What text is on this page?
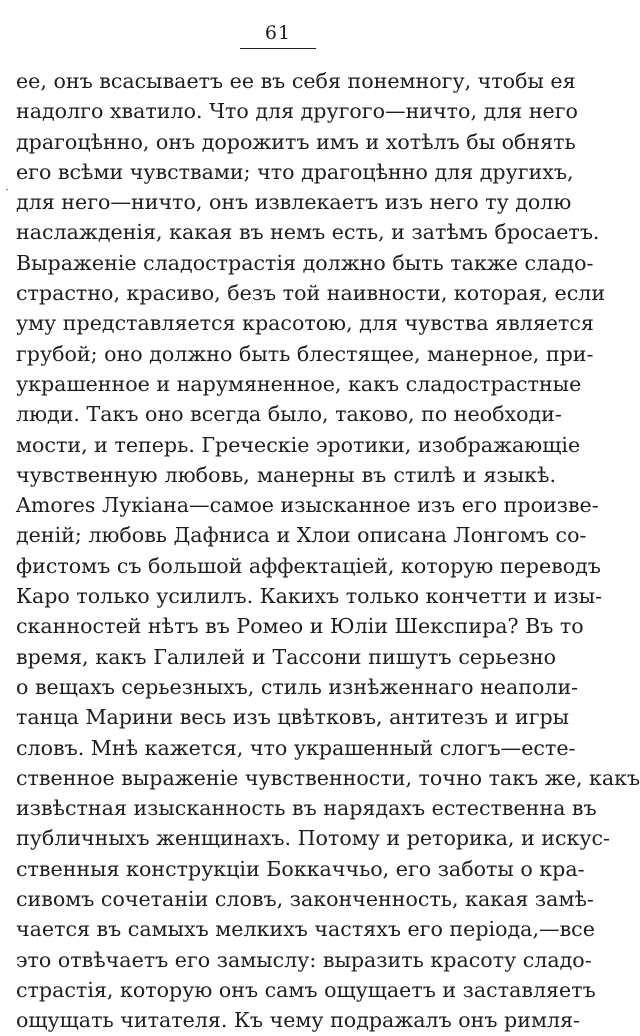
61
·
ее, онъ всасываетъ ее въ себя понемногу, чтобы ея
надолго хватило. Что для другого—ничто, для него
драгоцѣнно, онъ дорожитъ имъ и хотѣлъ бы обнять
его всѣми чувствами; что драгоцѣнно для другихъ,
для него—ничто, онъ извлекаетъ изъ него ту долю
наслажденія, какая въ немъ есть, и затѣмъ бросаетъ.
Выраженіе сладострастія должно быть также сладо-
страстно, красиво, безъ той наивности, которая, если
уму представляется красотою, для чувства является
грубой; оно должно быть блестящее, манерное, при-
украшенное и нарумяненное, какъ сладострастные
люди. Такъ оно всегда было, таково, по необходи-
мости, и теперь. Греческіе эротики, изображающіе
чувственную любовь, манерны въ стилѣ и языкѣ.
Amores Лукіана—самое изысканное изъ его произве-
деній; любовь Дафниса и Хлои описана Лонгомъ со-
фистомъ съ большой аффектаціей, которую переводъ
Каро только усилилъ. Какихъ только кончетти и изы-
сканностей нѣтъ въ Ромео и Юліи Шекспира? Въ то
время, какъ Галилей и Тассони пишутъ серьезно
о вещахъ серьезныхъ, стиль изнѣженнаго неаполи-
танца Марини весь изъ цвѣтковъ, антитезъ и игры
словъ. Мнѣ кажется, что украшенный слогъ—есте-
ственное выраженіе чувственности, точно такъ же, какъ
извѣстная изысканность въ нарядахъ естественна въ
публичныхъ женщинахъ. Потому и реторика, и искус-
ственныя конструкціи Боккаччьо, его заботы о кра-
сивомъ сочетаніи словъ, законченность, какая замѣ-
чается въ самыхъ мелкихъ частяхъ его періода,—все
это отвѣчаетъ его замыслу: выразить красоту сладо-
страстія, которую онъ самъ ощущаетъ и заставляетъ
ощущать читателя. Къ чему подражалъ онъ римля-
